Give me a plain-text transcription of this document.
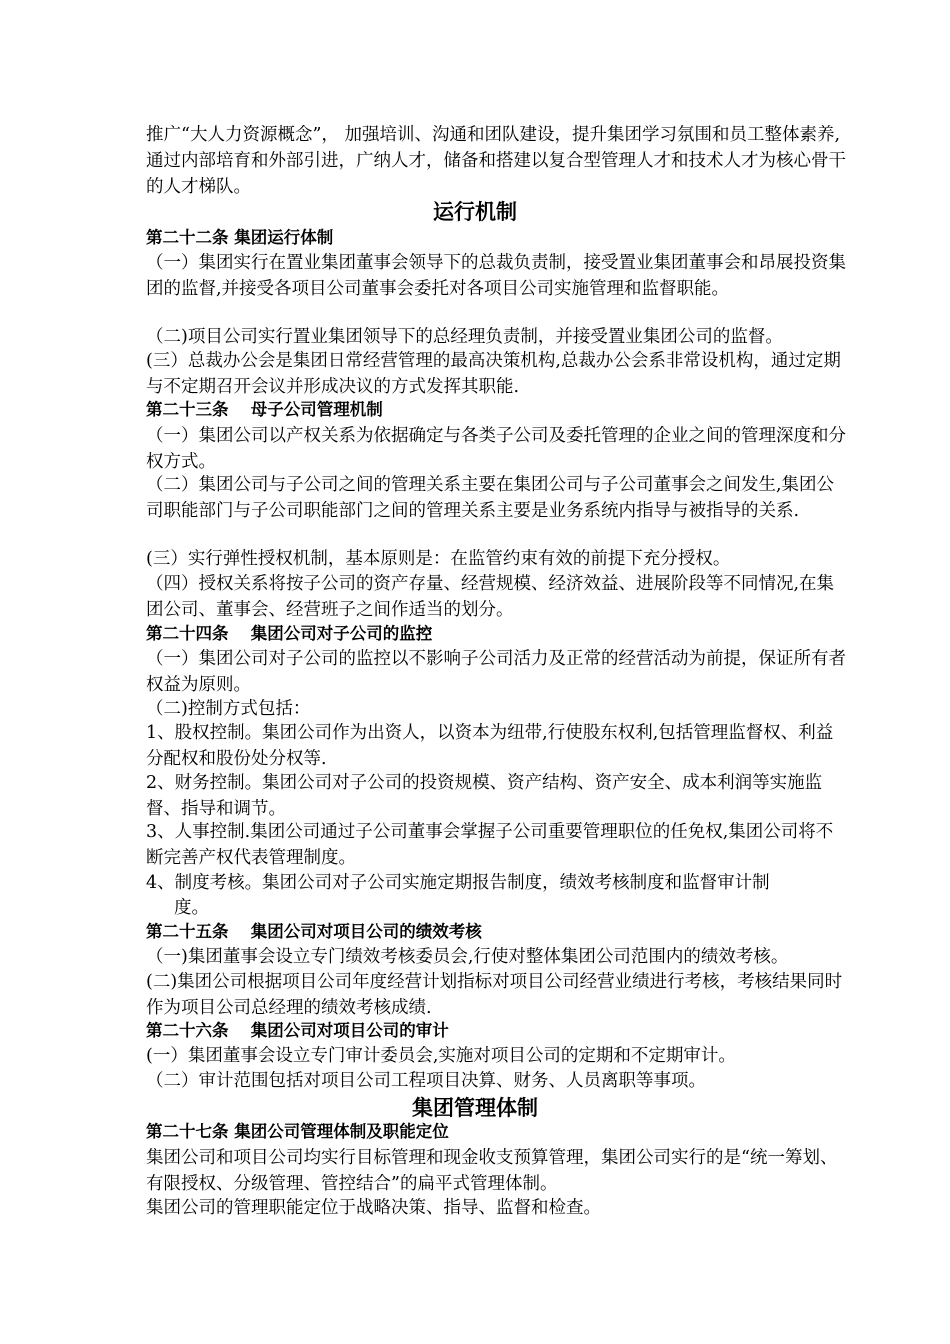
推广“大人力资源概念”， 加强培训、沟通和团队建设，提升集团学习氛围和员工整体素养,通过内部培育和外部引进，广纳人才，储备和搭建以复合型管理人才和技术人才为核心骨干的人才梯队。

运行机制
第二十二条 集团运行体制

（一）集团实行在置业集团董事会领导下的总裁负责制，接受置业集团董事会和昂展投资集团的监督,并接受各项目公司董事会委托对各项目公司实施管理和监督职能。

（二)项目公司实行置业集团领导下的总经理负责制，并接受置业集团公司的监督。

(三）总裁办公会是集团日常经营管理的最高决策机构,总裁办公会系非常设机构，通过定期与不定期召开会议并形成决议的方式发挥其职能.

第二十三条　 母子公司管理机制

（一）集团公司以产权关系为依据确定与各类子公司及委托管理的企业之间的管理深度和分权方式。

（二）集团公司与子公司之间的管理关系主要在集团公司与子公司董事会之间发生,集团公司职能部门与子公司职能部门之间的管理关系主要是业务系统内指导与被指导的关系.

(三）实行弹性授权机制，基本原则是：在监管约束有效的前提下充分授权。

（四）授权关系将按子公司的资产存量、经营规模、经济效益、进展阶段等不同情况,在集团公司、董事会、经营班子之间作适当的划分。

第二十四条　 集团公司对子公司的监控

（一）集团公司对子公司的监控以不影响子公司活力及正常的经营活动为前提，保证所有者权益为原则。

（二)控制方式包括：

1、股权控制。集团公司作为出资人，以资本为纽带,行使股东权利,包括管理监督权、利益分配权和股份处分权等.

2、财务控制。集团公司对子公司的投资规模、资产结构、资产安全、成本利润等实施监督、指导和调节。

3、人事控制.集团公司通过子公司董事会掌握子公司重要管理职位的任免权,集团公司将不断完善产权代表管理制度。

4、制度考核。集团公司对子公司实施定期报告制度，绩效考核制度和监督审计制
度。
第二十五条　 集团公司对项目公司的绩效考核

（一)集团董事会设立专门绩效考核委员会,行使对整体集团公司范围内的绩效考核。

(二)集团公司根据项目公司年度经营计划指标对项目公司经营业绩进行考核，考核结果同时作为项目公司总经理的绩效考核成绩.

第二十六条　 集团公司对项目公司的审计

(一）集团董事会设立专门审计委员会,实施对项目公司的定期和不定期审计。

（二）审计范围包括对项目公司工程项目决算、财务、人员离职等事项。

集团管理体制
第二十七条 集团公司管理体制及职能定位

集团公司和项目公司均实行目标管理和现金收支预算管理，集团公司实行的是“统一筹划、有限授权、分级管理、管控结合”的扁平式管理体制。

集团公司的管理职能定位于战略决策、指导、监督和检查。
